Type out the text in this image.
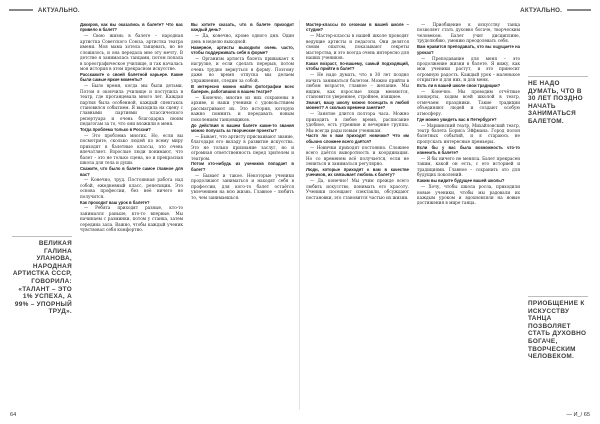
АКТУАЛЬНО.	АКТУАЛЬНО.
ВЕЛИКАЯ ГАЛИНА УЛАНОВА, НАРОДНАЯ АРТИСТКА СССР, ГОВОРИЛА: «ТАЛАНТ – ЭТО 1% УСПЕХА, А 99% – УПОРНЫЙ ТРУД».

Дакиров, как вы оказались в балете? Что вас привело в балет?

— Свою жизнь в балете – народная артистка Советского Союза, артистка театра имени. Моя мама хотела танцевать, но не сложилось, и она передала мне эту мечту. В детстве я занималась танцами, потом попала в хореографическое училище, и так началась моя история в этом прекрасном искусстве.

Расскажите о своей балетной карьере. Какие были самые яркие моменты?

— Было время, когда мы были детьми. Потом я окончила училище и поступила в театр, где протанцевала много лет. Каждая партия была особенной, каждый спектакль становился событием. Я выходила на сцену с главными партиями классического репертуара и очень благодарна своим педагогам за то, что они вложили в меня.

Тогда проблема только в России?

— Это проблема многих. Но, если вы посмотрите, сколько людей по всему миру приходят в балетные классы, это очень впечатляет. Взрослые люди понимают, что балет – это не только сцена, но и прекрасная школа для тела и души.

Скажите, что было в балете самое главное для вас?

— Конечно, труд. Постоянная работа над собой, ежедневный класс, репетиции. Это основа профессии, без неё ничего не получится.

Как проходит ваш урок в балете?

— Ребята приходят разные, кто-то занимался раньше, кто-то впервые. Мы начинаем с разминки, потом у станка, затем середина зала. Важно, чтобы каждый ученик чувствовал себя комфортно.

Вы хотите сказать, что в балете приходит каждый день?

— Да, конечно, кроме одного дня. Один день в неделю выходной.

Наверное, артисты выходили очень часто, чтобы поддерживать себя в форме?

— Организм артиста балета привыкает к нагрузке, и если сделать перерыв, потом очень трудно вернуться в форму. Поэтому даже во время отпуска мы делаем упражнения, следим за собой.

В интересно можно найти фотографии всех балерин, работавших в вашем театре?

— Конечно, многие из них сохранены в архиве, и наши ученики с удовольствием рассматривают их. Это история, которую важно помнить и передавать новым поколениям танцовщиков.

До действия в вашем балете какие-то звания можно получать за творческие проекты?

— Бывает, что артисту присваивают звание, благодаря его вкладу в развитие искусства. Это не только признание заслуг, но и огромная ответственность перед зрителем и театром.

Потом кто-нибудь из учеников попадает в балет?

— Бывает и такое. Некоторые ученики продолжают заниматься и находят себя в профессии, для кого-то балет остаётся увлечением на всю жизнь. Главное – любить то, чем занимаешься.

Мастер-классы по сезонам в вашей школе – студии?

— Мастер-классы в нашей школе проводят ведущие артисты и педагоги. Они делятся своим опытом, показывают секреты мастерства, и это всегда очень интересно для наших учеников.

Какая возраст, по-вашему, самый подходящий, чтобы прийти в балет?

— Не надо думать, что в 30 лет поздно начать заниматься балетом. Можно прийти в любом возрасте, главное – желание. Мы видим, как взрослые люди меняются, становятся увереннее, стройнее, изящнее.

Значит, вашу школу можно посещать в любой момент? А сколько времени занятие?

— Занятие длится полтора часа. Можно приходить в любое время, расписание удобное, есть утренние и вечерние группы. Мы всегда рады новым ученикам.

Часто ли к вам приходят новички? Что им обычно сложнее всего даётся?

— Новички приходят постоянно. Сложнее всего даётся выворотность и координация. Но со временем всё получается, если не лениться и заниматься регулярно.

Люди, которые приходят к вам в качестве учеников, их связывает любовь к балету?

— Да, конечно! Мы учим прежде всего любить искусство, понимать его красоту. Ученики посещают спектакли, обсуждают постановки, это становится частью их жизни.

— Приобщение к искусству танца позволяет стать духовно богаче, творческим человеком. Балет учит дисциплине, трудолюбию, умению преодолевать себя.

Вам нравится преподавать, что вы ощущаете на уроках?

— Преподавание для меня – это продолжение жизни в балете. Я вижу, как мои ученики растут, и это приносит огромную радость. Каждый урок – маленькое открытие и для них, и для меня.

Есть ли в вашей школе свои традиции?

— Конечно. Мы проводим отчётные концерты, ходим всей школой в театр, отмечаем праздники. Такие традиции объединяют людей и создают особую атмосферу.

Где можно увидеть вас в Петербурге?

— Мариинский театр, Михайловский театр, театр балета Бориса Эйфмана. Город полон балетных событий, и я стараюсь не пропускать интересные премьеры.

Если бы у вас была возможность что-то изменить в балете?

— Я бы ничего не меняла. Балет прекрасен таким, какой он есть, с его историей и традициями. Главное – сохранить это для будущих поколений.

Каким вы видите будущее вашей школы?

— Хочу, чтобы школа росла, приходили новые ученики, чтобы мы радовали их каждым уроком и вдохновляли на новые достижения в мире танца.

НЕ НАДО ДУМАТЬ, ЧТО В 30 ЛЕТ ПОЗДНО НАЧАТЬ ЗАНИМАТЬСЯ БАЛЕТОМ.
ПРИОБЩЕНИЕ К ИСКУССТВУ ТАНЦА ПОЗВОЛЯЕТ СТАТЬ ДУХОВНО БОГАЧЕ, ТВОРЧЕСКИМ ЧЕЛОВЕКОМ.
64	— И_/ 65
